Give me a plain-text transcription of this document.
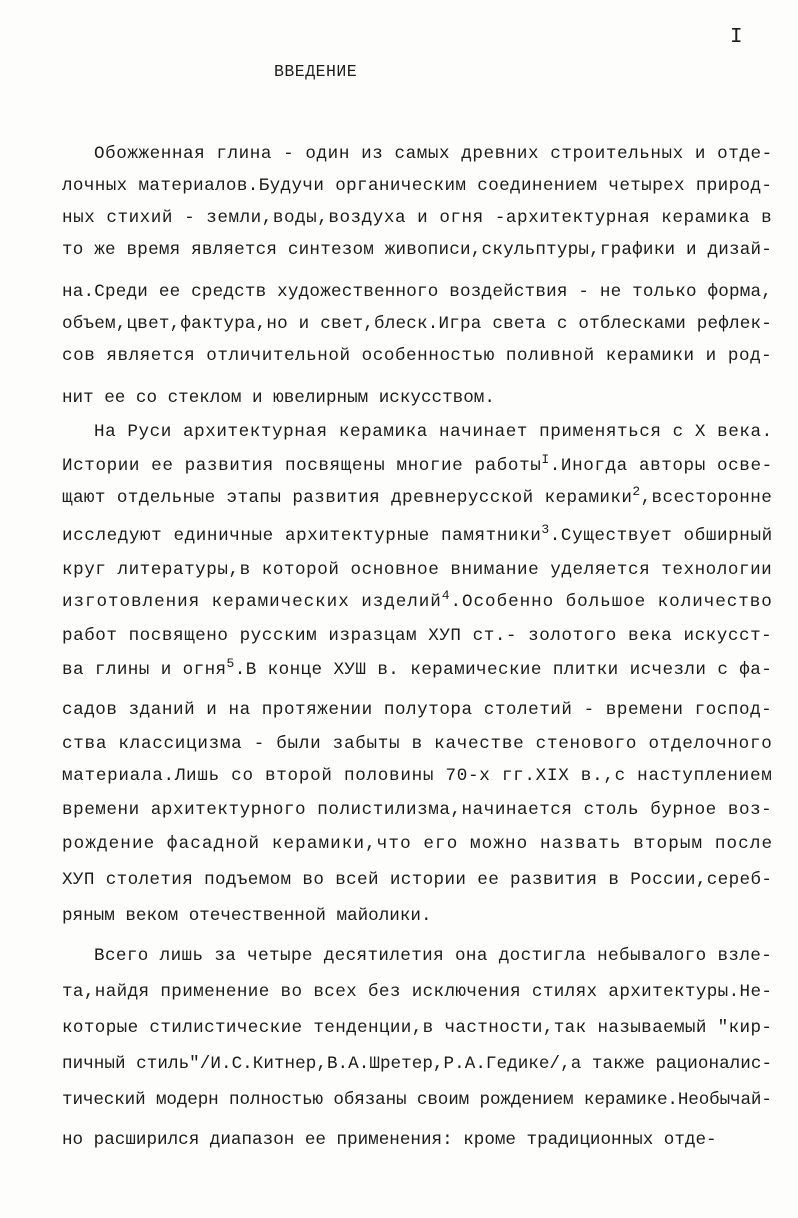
I
ВВЕДЕНИЕ

Обожженная глина - один из самых древних строительных и отде-

лочных материалов.Будучи органическим соединением четырех природ-

ных стихий - земли,воды,воздуха и огня -архитектурная керамика в

то же время является синтезом живописи,скульптуры,графики и дизай-

на.Среди ее средств художественного воздействия - не только форма,

объем,цвет,фактура,но и свет,блеск.Игра света с отблесками рефлек-

сов является отличительной особенностью поливной керамики и род-

нит ее со стеклом и ювелирным искусством.

На Руси архитектурная керамика начинает применяться с Х века.

Истории ее развития посвящены многие работы$^I$.Иногда авторы осве-

щают отдельные этапы развития древнерусской керамики$^2$,всесторонне

исследуют единичные архитектурные памятники$^3$.Существует обширный

круг литературы,в которой основное внимание уделяется технологии

изготовления керамических изделий$^4$.Особенно большое количество

работ посвящено русским изразцам ХУП ст.- золотого века искусст-

ва глины и огня$^5$.В конце ХУШ в. керамические плитки исчезли с фа-

садов зданий и на протяжении полутора столетий - времени господ-

ства классицизма - были забыты в качестве стенового отделочного

материала.Лишь со второй половины 70-х гг.XIX в.,с наступлением

времени архитектурного полистилизма,начинается столь бурное воз-

рождение фасадной керамики,что его можно назвать вторым после

ХУП столетия подъемом во всей истории ее развития в России,сереб-

ряным веком отечественной майолики.

Всего лишь за четыре десятилетия она достигла небывалого взле-

та,найдя применение во всех без исключения стилях архитектуры.Не-

которые стилистические тенденции,в частности,так называемый "кир-

пичный стиль"/И.С.Китнер,В.А.Шретер,Р.А.Гедике/,а также рационалис-

тический модерн полностью обязаны своим рождением керамике.Необычай-

но расширился диапазон ее применения: кроме традиционных отде-
